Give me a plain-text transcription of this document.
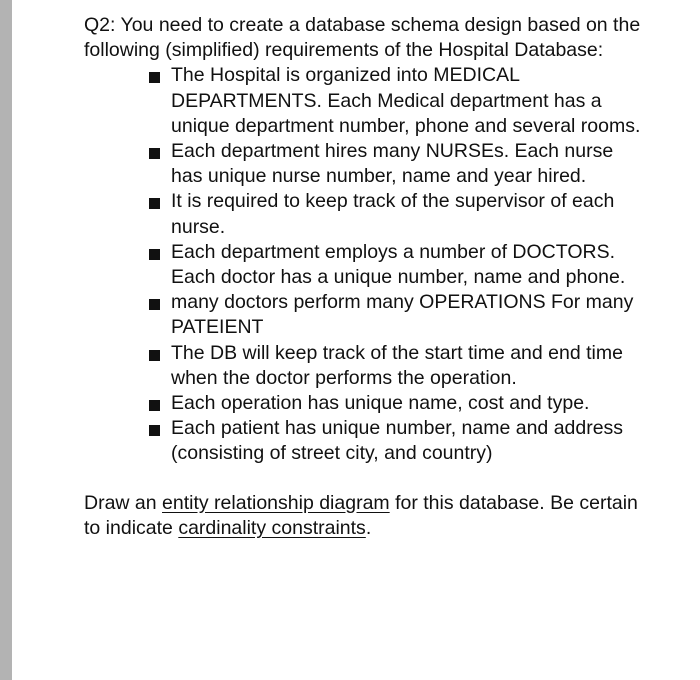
Q2: You need to create a database schema design based on the following (simplified) requirements of the Hospital Database:

The Hospital is organized into MEDICAL DEPARTMENTS. Each Medical department has a unique department number, phone and several rooms.
Each department hires many NURSEs. Each nurse has unique nurse number, name and year hired.
It is required to keep track of the supervisor of each nurse.
Each department employs a number of DOCTORS. Each doctor has a unique number, name and phone.
many doctors perform many OPERATIONS For many PATEIENT
The DB will keep track of the start time and end time when the doctor performs the operation.
Each operation has unique name, cost and type.
Each patient has unique number, name and address (consisting of street city, and country)

Draw an entity relationship diagram for this database. Be certain to indicate cardinality constraints.
